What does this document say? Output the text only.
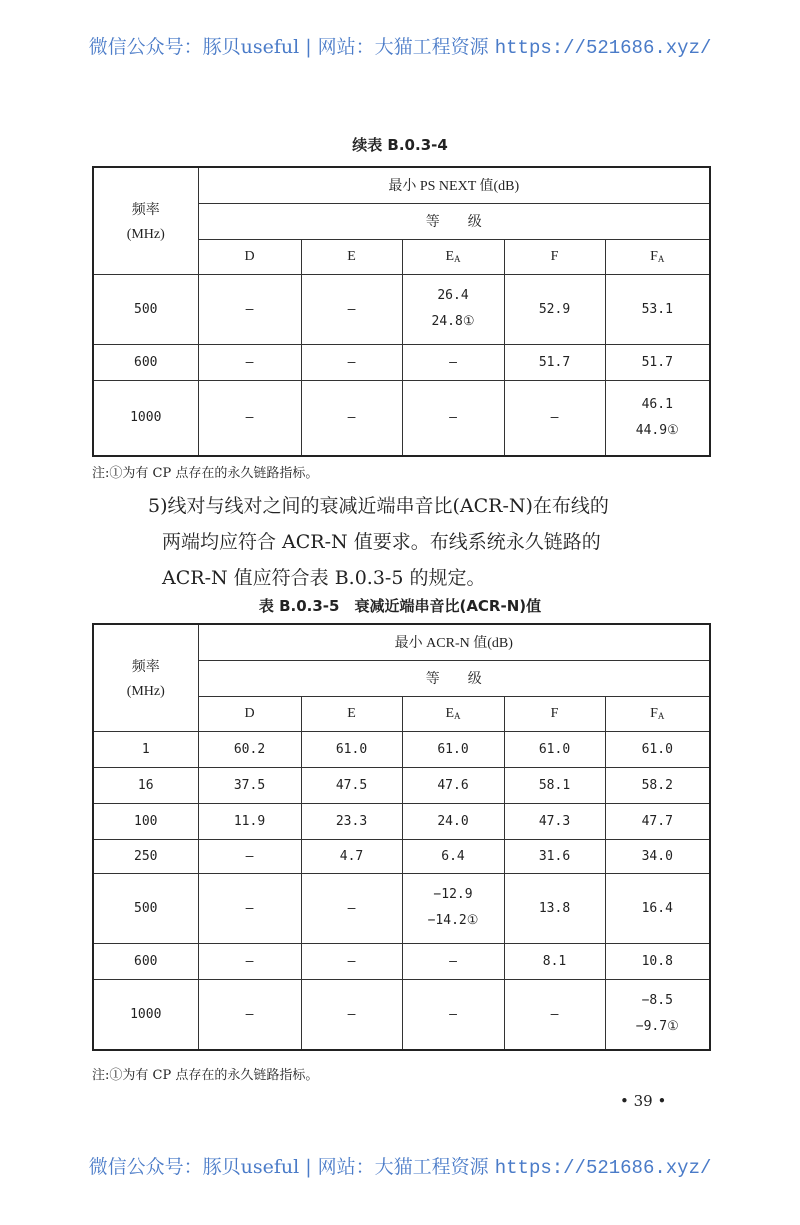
微信公众号：豚贝useful | 网站：大猫工程资源 https://521686.xyz/
续表 B.0.3-4
频率
(MHz)	最小 PS NEXT 值(dB)				
	等　　级				
	D	E	$E_A$	F	$F_A$
500	—	—	26.4
24.8①	52.9	53.1

600	—	—	—	51.7	51.7

1000	—	—	—	—	46.1
44.9①
注:①为有 CP 点存在的永久链路指标。
5)线对与线对之间的衰减近端串音比(ACR-N)在布线的
两端均应符合 ACR-N 值要求。布线系统永久链路的
ACR-N 值应符合表 B.0.3-5 的规定。
表 B.0.3-5　衰减近端串音比(ACR-N)值
频率
(MHz)	最小 ACR-N 值(dB)				
	等　　级				
	D	E	$E_A$	F	$F_A$
1	60.2	61.0	61.0	61.0	61.0

16	37.5	47.5	47.6	58.1	58.2

100	11.9	23.3	24.0	47.3	47.7

250	—	4.7	6.4	31.6	34.0

500	—	—	−12.9
−14.2①	13.8	16.4

600	—	—	—	8.1	10.8

1000	—	—	—	—	−8.5
−9.7①
注:①为有 CP 点存在的永久链路指标。
• 39 •
微信公众号：豚贝useful | 网站：大猫工程资源 https://521686.xyz/
